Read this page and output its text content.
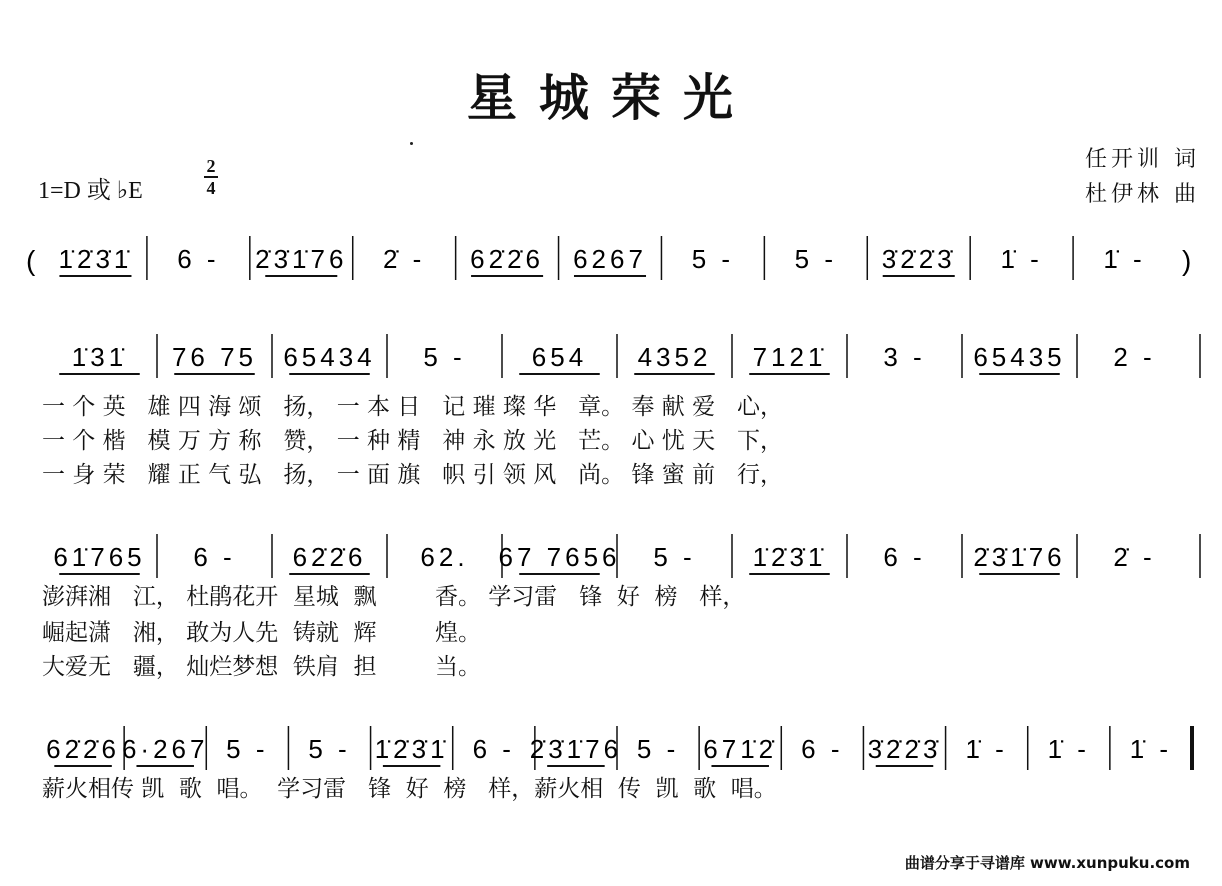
星城荣光
1=D 或 ♭E
2
4
任开训 词
杜伊林 曲
(	)
1̇2̇3̇1̇ 6 - 2̇3̇1̇76 2̇ - 62̇2̇6 6267 5 - 5 - 3̇2̇2̇3̇ 1̇ - 1̇ -
1̇31̇ 76 75 65434 5 -	654 4352 7121̇ 3 - 65435 2 -
61̇765 6 - 62̇2̇6 62. 67 7656 5 - 1̇2̇3̇1̇ 6 - 2̇3̇1̇76 2̇ -
62̇2̇6 6·267 5 - 5 - 1̇2̇3̇1̇ 6 - 2̇3̇1̇76 5 - 671̇2̇ 6 - 3̇2̇2̇3̇ 1̇ - 1̇ - 1̇ -
一 个 英   雄 四 海 颂   扬， 一 本 日   记 璀 璨 华   章。 奉 献 爱   心，
一 个 楷   模 万 方 称   赞， 一 种 精   神 永 放 光   芒。 心 忧 天   下，
一 身 荣   耀 正 气 弘   扬， 一 面 旗   帜 引 领 风   尚。 锋 蜜 前   行，
澎湃湘   江， 杜鹃花开  星城  飘        香。 学习雷   锋  好  榜   样，
崛起潇   湘， 敢为人先  铸就  辉        煌。
大爱无   疆， 灿烂梦想  铁肩  担        当。
薪火相传 凯  歌  唱。  学习雷   锋  好  榜   样，薪火相  传  凯  歌  唱。
曲谱分享于寻谱库 www.xunpuku.com
